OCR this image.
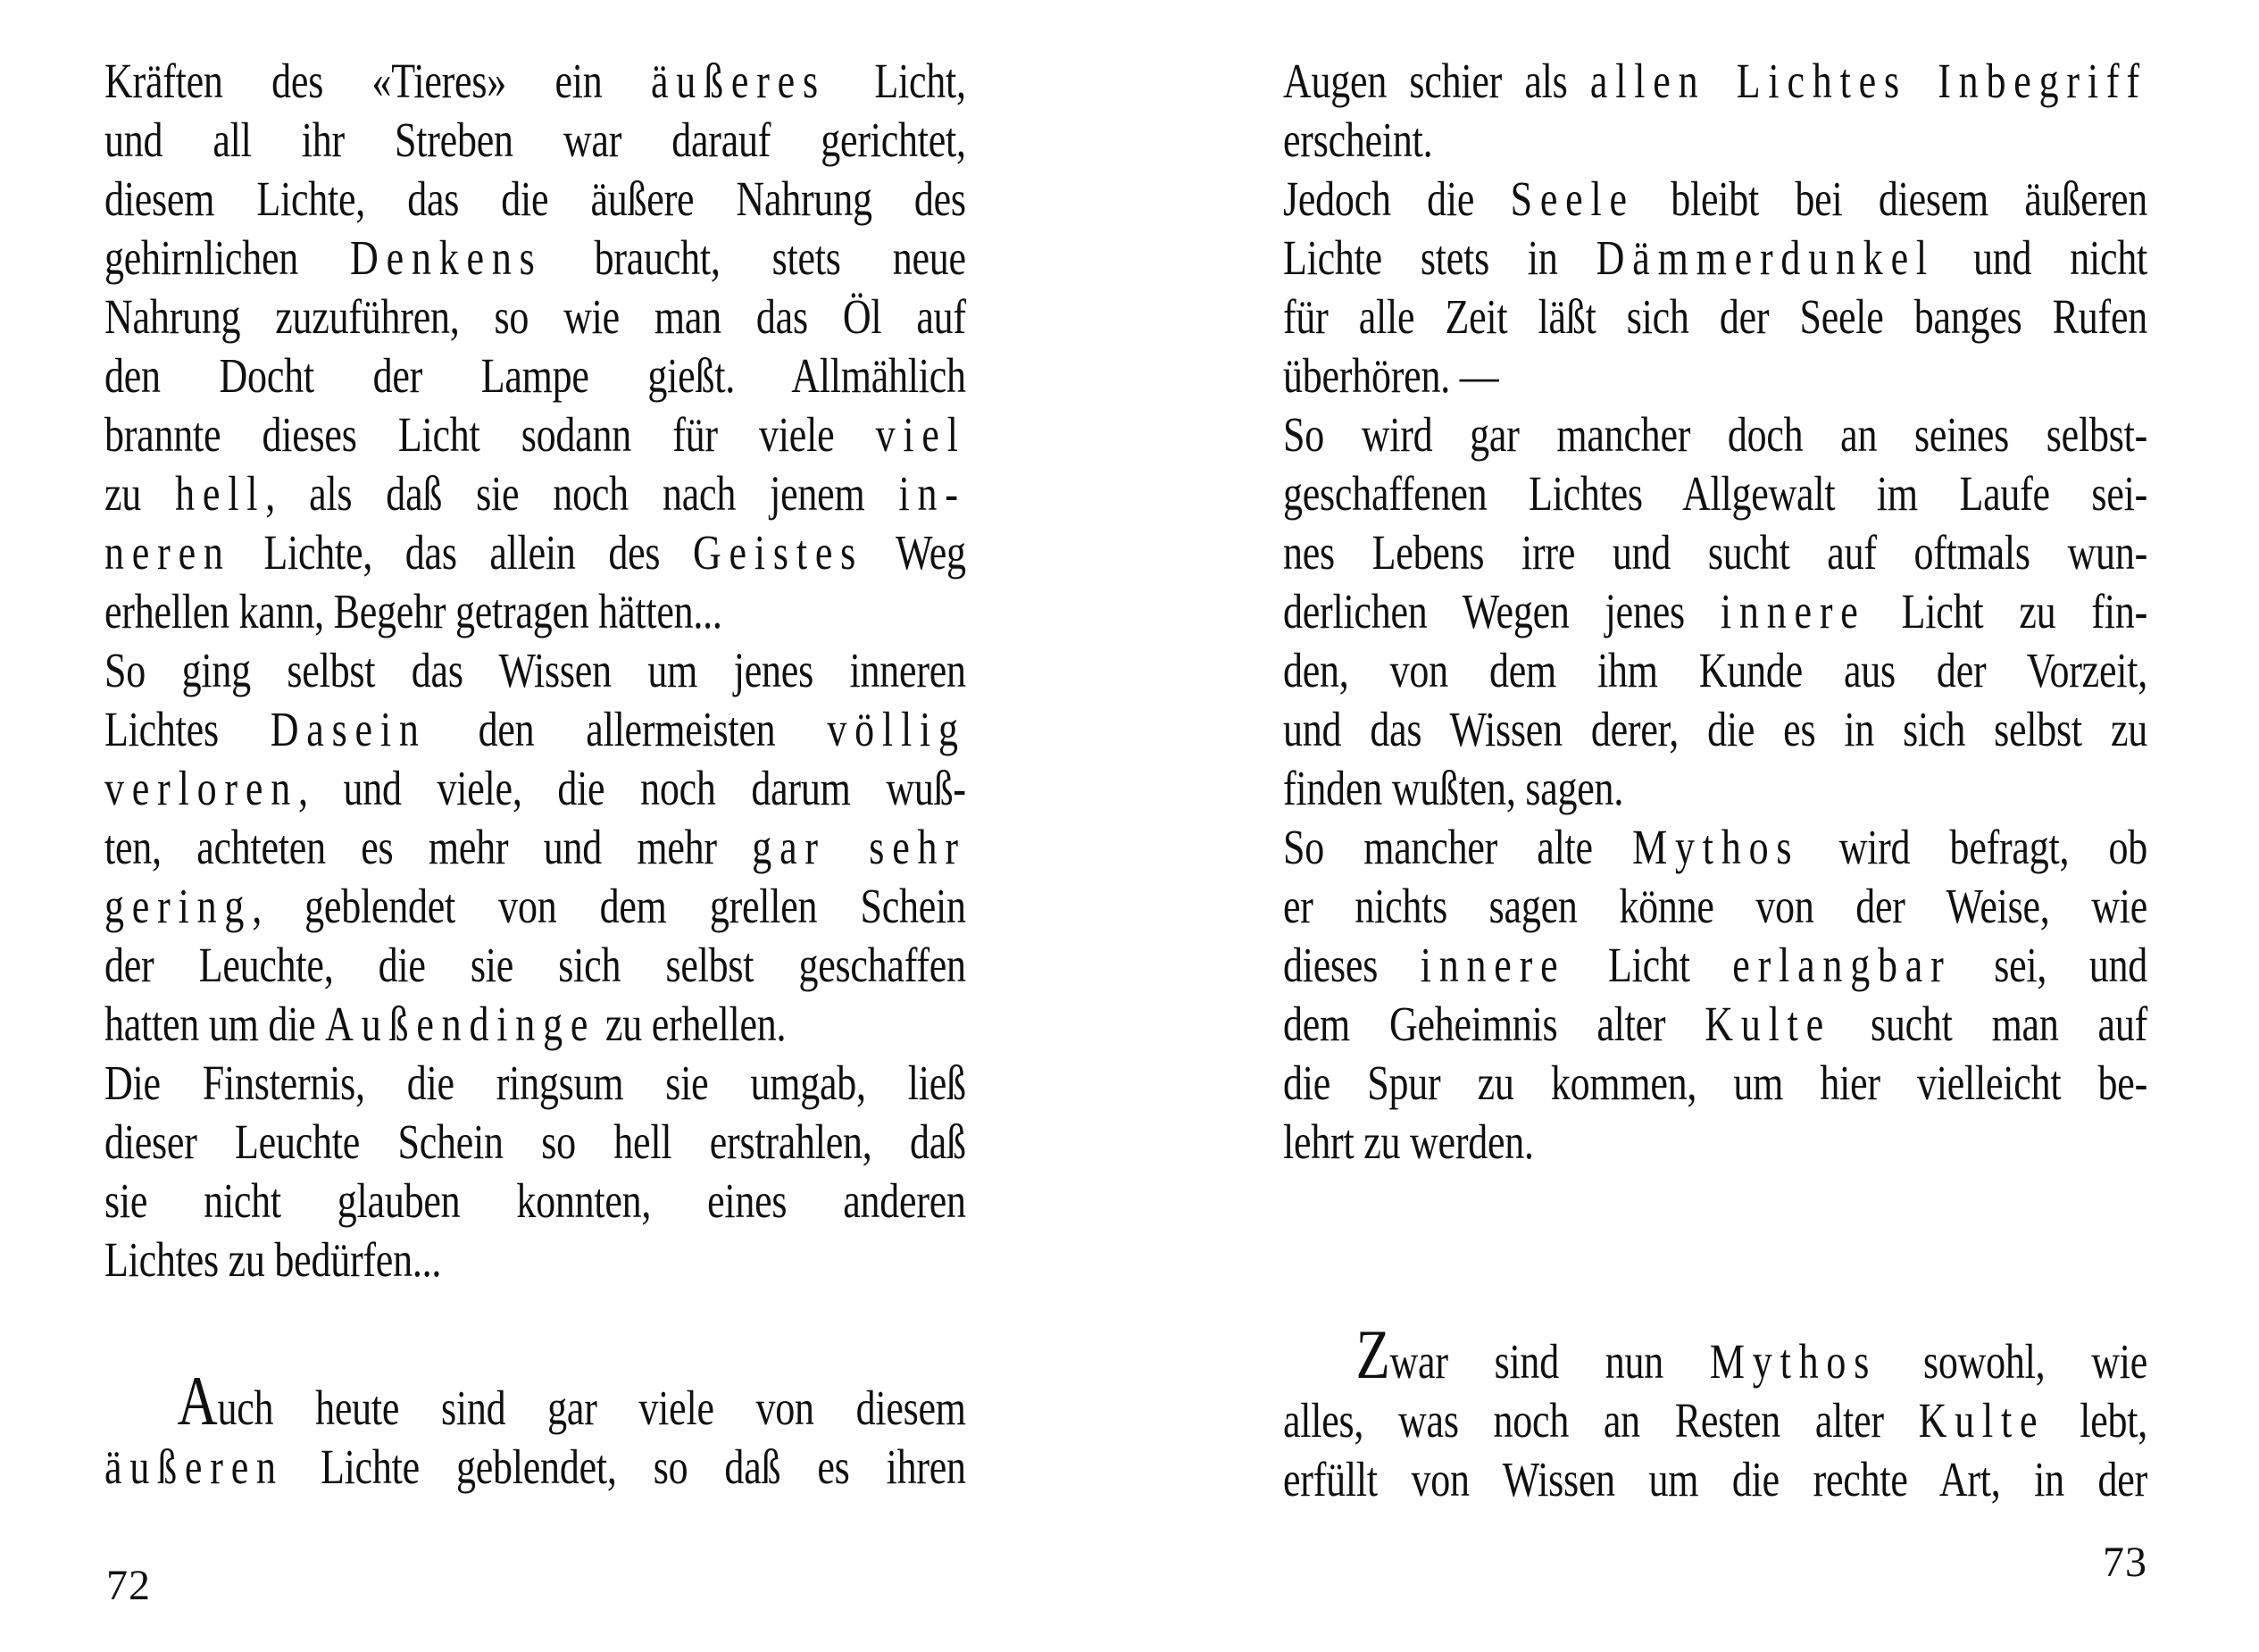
Kräften des «Tieres» ein äußeres Licht,
und all ihr Streben war darauf gerichtet,
diesem Lichte, das die äußere Nahrung des
gehirnlichen Denkens braucht, stets neue
Nahrung zuzuführen, so wie man das Öl auf
den Docht der Lampe gießt. Allmählich
brannte dieses Licht sodann für viele viel
zu hell, als daß sie noch nach jenem in-
neren Lichte, das allein des Geistes Weg
erhellen kann, Begehr getragen hätten...
So ging selbst das Wissen um jenes inneren
Lichtes Dasein den allermeisten völlig
verloren, und viele, die noch darum wuß-
ten, achteten es mehr und mehr gar sehr
gering, geblendet von dem grellen Schein
der Leuchte, die sie sich selbst geschaffen
hatten um die Außendinge zu erhellen.
Die Finsternis, die ringsum sie umgab, ließ
dieser Leuchte Schein so hell erstrahlen, daß
sie nicht glauben konnten, eines anderen
Lichtes zu bedürfen...
Auch heute sind gar viele von diesem
äußeren Lichte geblendet, so daß es ihren
Augen schier als allen Lichtes Inbegriff
erscheint.
Jedoch die Seele bleibt bei diesem äußeren
Lichte stets in Dämmerdunkel und nicht
für alle Zeit läßt sich der Seele banges Rufen
überhören. —
So wird gar mancher doch an seines selbst-
geschaffenen Lichtes Allgewalt im Laufe sei-
nes Lebens irre und sucht auf oftmals wun-
derlichen Wegen jenes innere Licht zu fin-
den, von dem ihm Kunde aus der Vorzeit,
und das Wissen derer, die es in sich selbst zu
finden wußten, sagen.
So mancher alte Mythos wird befragt, ob
er nichts sagen könne von der Weise, wie
dieses innere Licht erlangbar sei, und
dem Geheimnis alter Kulte sucht man auf
die Spur zu kommen, um hier vielleicht be-
lehrt zu werden.
Zwar sind nun Mythos sowohl, wie
alles, was noch an Resten alter Kulte lebt,
erfüllt von Wissen um die rechte Art, in der
72	73
